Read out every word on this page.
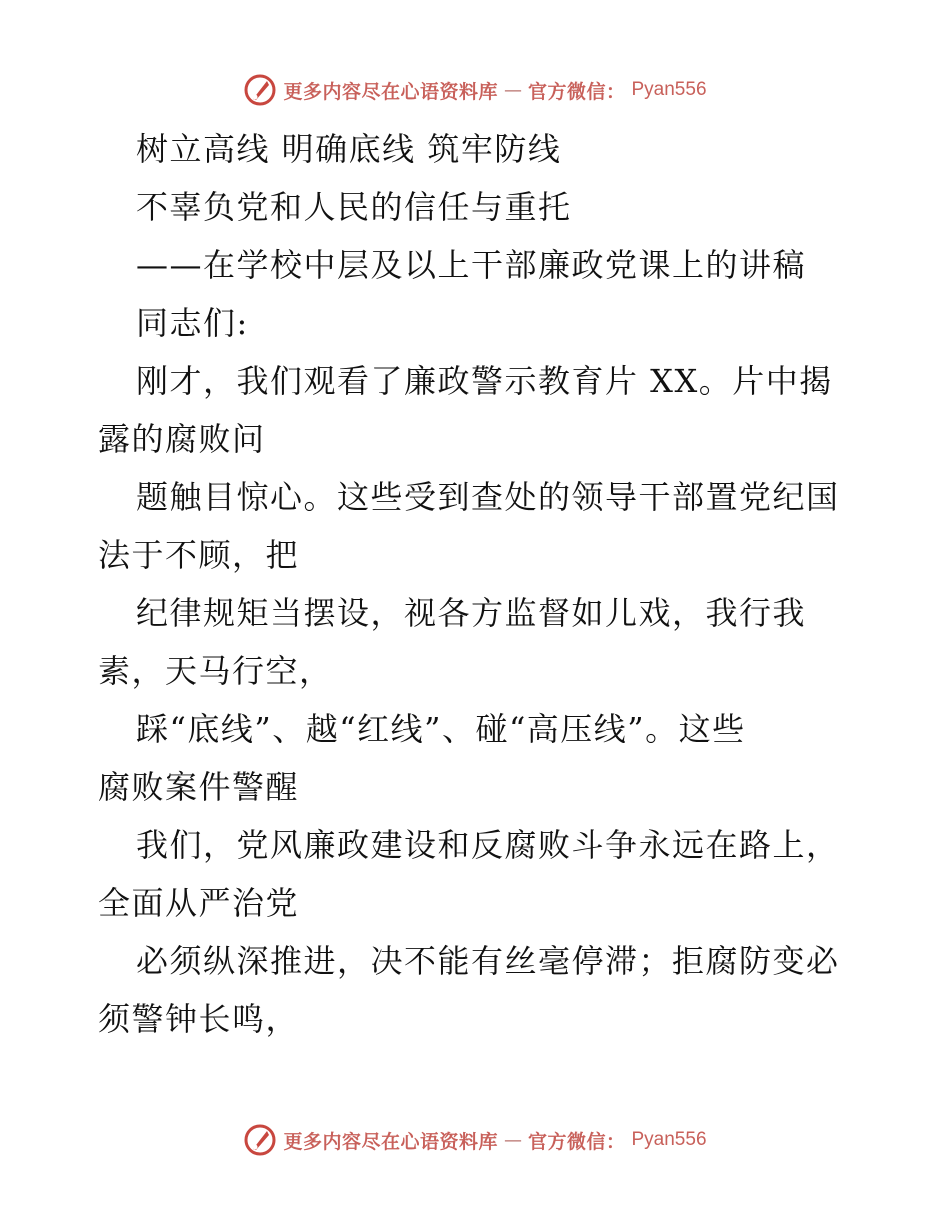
更多内容尽在心语资料库 — 官方微信： Pyan556
树立高线 明确底线 筑牢防线
不辜负党和人民的信任与重托
——在学校中层及以上干部廉政党课上的讲稿
同志们:
刚才，我们观看了廉政警示教育片 XX。片中揭
露的腐败问
题触目惊心。这些受到查处的领导干部置党纪国
法于不顾，把
纪律规矩当摆设，视各方监督如儿戏，我行我
素，天马行空，
踩“底线”、越“红线”、碰“高压线”。这些
腐败案件警醒
我们，党风廉政建设和反腐败斗争永远在路上，
全面从严治党
必须纵深推进，决不能有丝毫停滞；拒腐防变必
须警钟长鸣，
更多内容尽在心语资料库 — 官方微信： Pyan556
